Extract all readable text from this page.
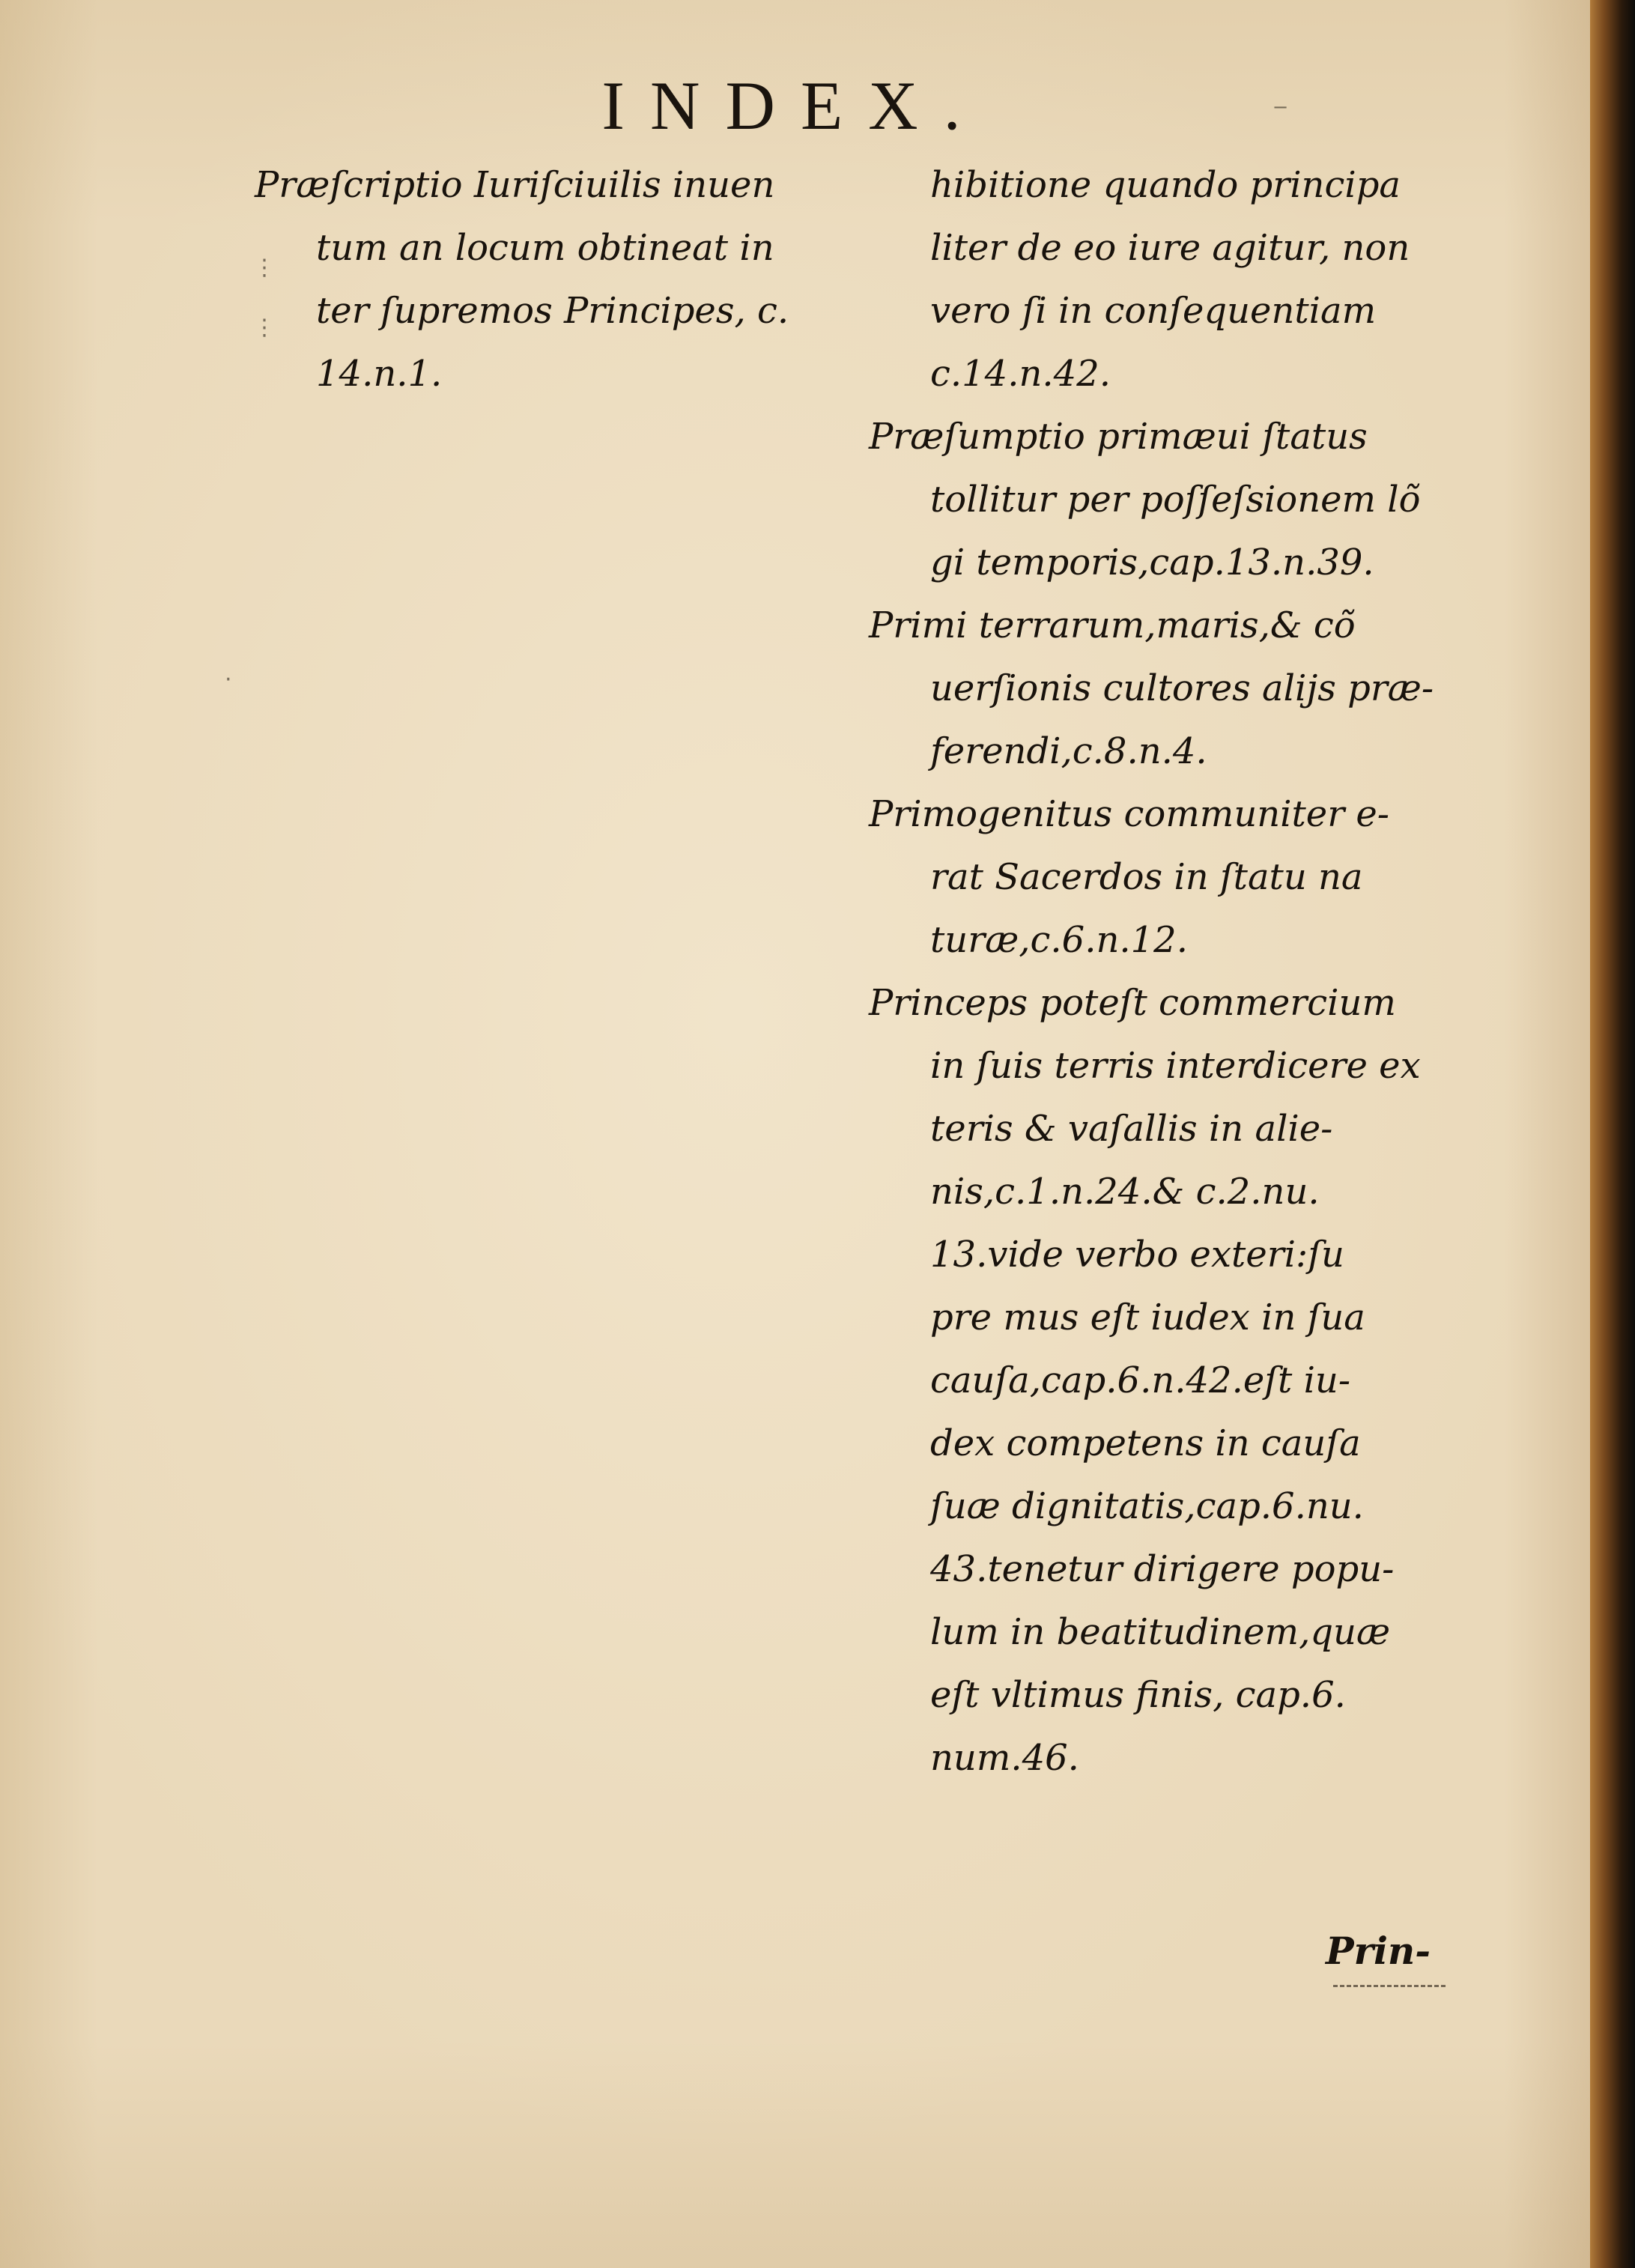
INDEX.

Præſcriptio Iuriſciuilis inuen
tum an locum obtineat in
ter ſupremos Principes, c.
14.n.1.

hibitione quando principa
liter de eo iure agitur, non
vero ſi in conſequentiam
c.14.n.42.

Præſumptio primæui ſtatus
tollitur per poſſeſsionem lõ
gi temporis,cap.13.n.39.

Primi terrarum,maris,& cõ
uerſionis cultores alijs præ-
ferendi,c.8.n.4.

Primogenitus communiter e-
rat Sacerdos in ſtatu na
turæ,c.6.n.12.

Princeps poteſt commercium
in ſuis terris interdicere ex
teris & vaſallis in alie-
nis,c.1.n.24.& c.2.nu.
13.vide verbo exteri:ſu
pre mus eſt iudex in ſua
cauſa,cap.6.n.42.eſt iu-
dex competens in cauſa
ſuæ dignitatis,cap.6.nu.
43.tenetur dirigere popu-
lum in beatitudinem,quæ
eſt vltimus finis, cap.6.
num.46.

Prin-
⋮
⋮
·
‒
